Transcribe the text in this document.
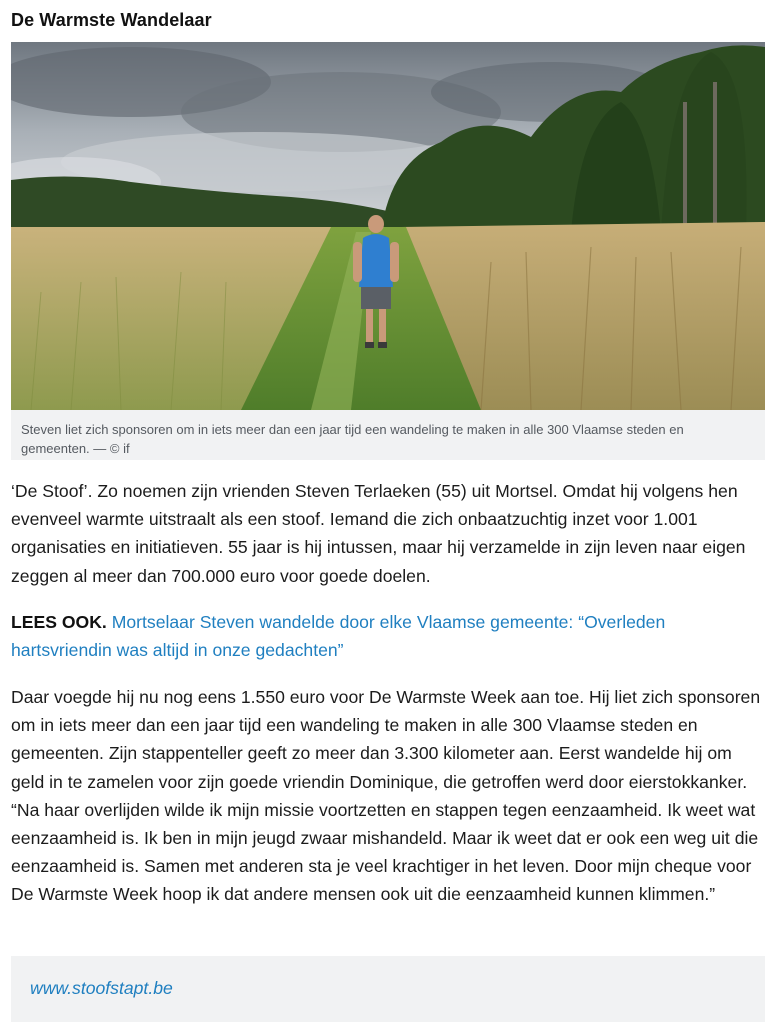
De Warmste Wandelaar
Steven liet zich sponsoren om in iets meer dan een jaar tijd een wandeling te maken in alle 300 Vlaamse steden en gemeenten. — © if

‘De Stoof’. Zo noemen zijn vrienden Steven Terlaeken (55) uit Mortsel. Omdat hij volgens hen evenveel warmte uitstraalt als een stoof. Iemand die zich onbaatzuchtig inzet voor 1.001 organisaties en initiatieven. 55 jaar is hij intussen, maar hij verzamelde in zijn leven naar eigen zeggen al meer dan 700.000 euro voor goede doelen.

LEES OOK. Mortselaar Steven wandelde door elke Vlaamse gemeente: “Overleden hartsvriendin was altijd in onze gedachten”

Daar voegde hij nu nog eens 1.550 euro voor De Warmste Week aan toe. Hij liet zich sponsoren om in iets meer dan een jaar tijd een wandeling te maken in alle 300 Vlaamse steden en gemeenten. Zijn stappenteller geeft zo meer dan 3.300 kilometer aan. Eerst wandelde hij om geld in te zamelen voor zijn goede vriendin Dominique, die getroffen werd door eierstokkanker. “Na haar overlijden wilde ik mijn missie voortzetten en stappen tegen eenzaamheid. Ik weet wat eenzaamheid is. Ik ben in mijn jeugd zwaar mishandeld. Maar ik weet dat er ook een weg uit die eenzaamheid is. Samen met anderen sta je veel krachtiger in het leven. Door mijn cheque voor De Warmste Week hoop ik dat andere mensen ook uit die eenzaamheid kunnen klimmen.”

www.stoofstapt.be
